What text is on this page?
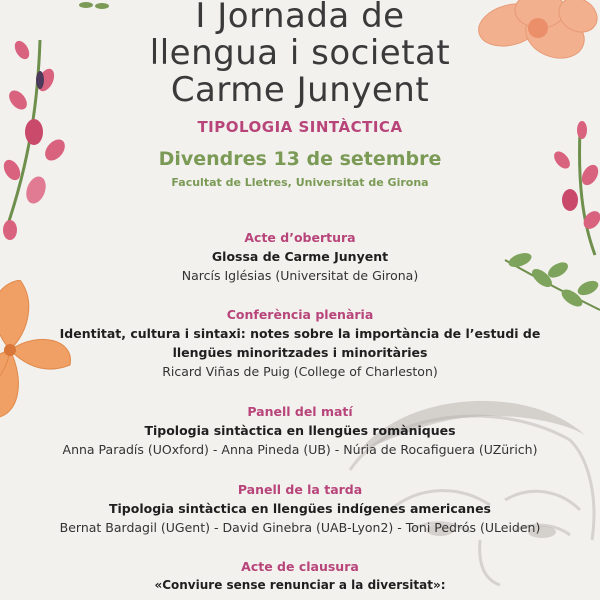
I Jornada de
llengua i societat
Carme Junyent
TIPOLOGIA SINTÀCTICA
Divendres 13 de setembre
Facultat de Lletres, Universitat de Girona
Acte d’obertura
Glossa de Carme Junyent
Narcís Iglésias (Universitat de Girona)
Conferència plenària
Identitat, cultura i sintaxi: notes sobre la importància de l’estudi de
llengües minoritzades i minoritàries
Ricard Viñas de Puig (College of Charleston)
Panell del matí
Tipologia sintàctica en llengües romàniques
Anna Paradís (UOxford) - Anna Pineda (UB) - Núria de Rocafiguera (UZürich)
Panell de la tarda
Tipologia sintàctica en llengües indígenes americanes
Bernat Bardagil (UGent) - David Ginebra (UAB-Lyon2) - Toni Pedrós (ULeiden)
Acte de clausura
«Conviure sense renunciar a la diversitat»:
